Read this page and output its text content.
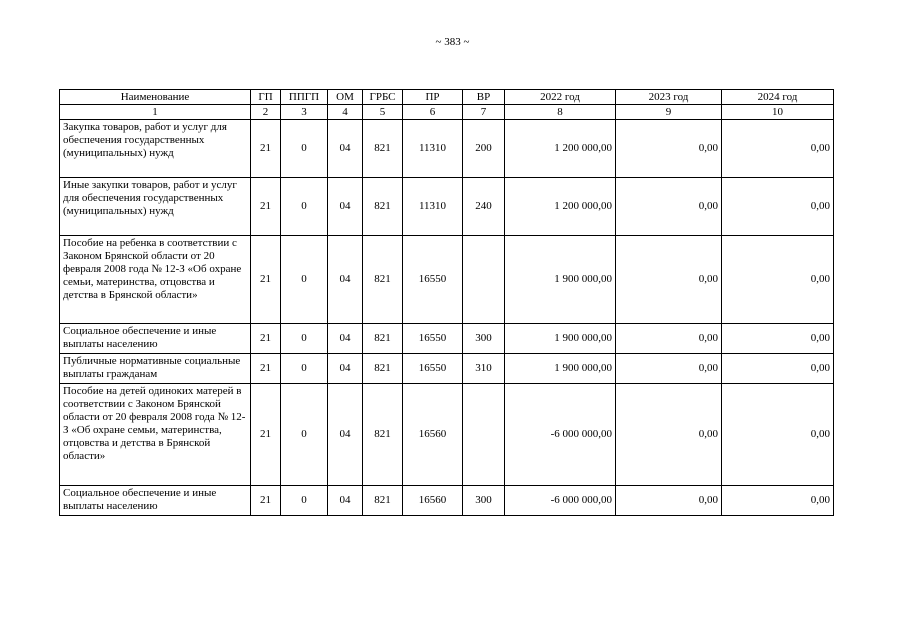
~ 383 ~
Наименование	ГП	ППГП	ОМ	ГРБС	ПР	ВР	2022 год	2023 год	2024 год
1	2	3	4	5	6	7	8	9	10
Закупка товаров, работ и услуг для обеспечения государственных (муниципальных) нужд	21	0	04	821	11310	200	1 200 000,00	0,00	0,00
Иные закупки товаров, работ и услуг для обеспечения государственных (муниципальных) нужд	21	0	04	821	11310	240	1 200 000,00	0,00	0,00
Пособие на ребенка в соответствии с Законом Брянской области от 20 февраля 2008 года № 12-З «Об охране семьи, материнства, отцовства и детства в Брянской области»	21	0	04	821	16550		1 900 000,00	0,00	0,00
Социальное обеспечение и иные выплаты населению	21	0	04	821	16550	300	1 900 000,00	0,00	0,00
Публичные нормативные социальные выплаты гражданам	21	0	04	821	16550	310	1 900 000,00	0,00	0,00
Пособие на детей одиноких матерей в соответствии с Законом Брянской области от 20 февраля 2008 года № 12-З «Об охране семьи, материнства, отцовства и детства в Брянской области»	21	0	04	821	16560		-6 000 000,00	0,00	0,00
Социальное обеспечение и иные выплаты населению	21	0	04	821	16560	300	-6 000 000,00	0,00	0,00
